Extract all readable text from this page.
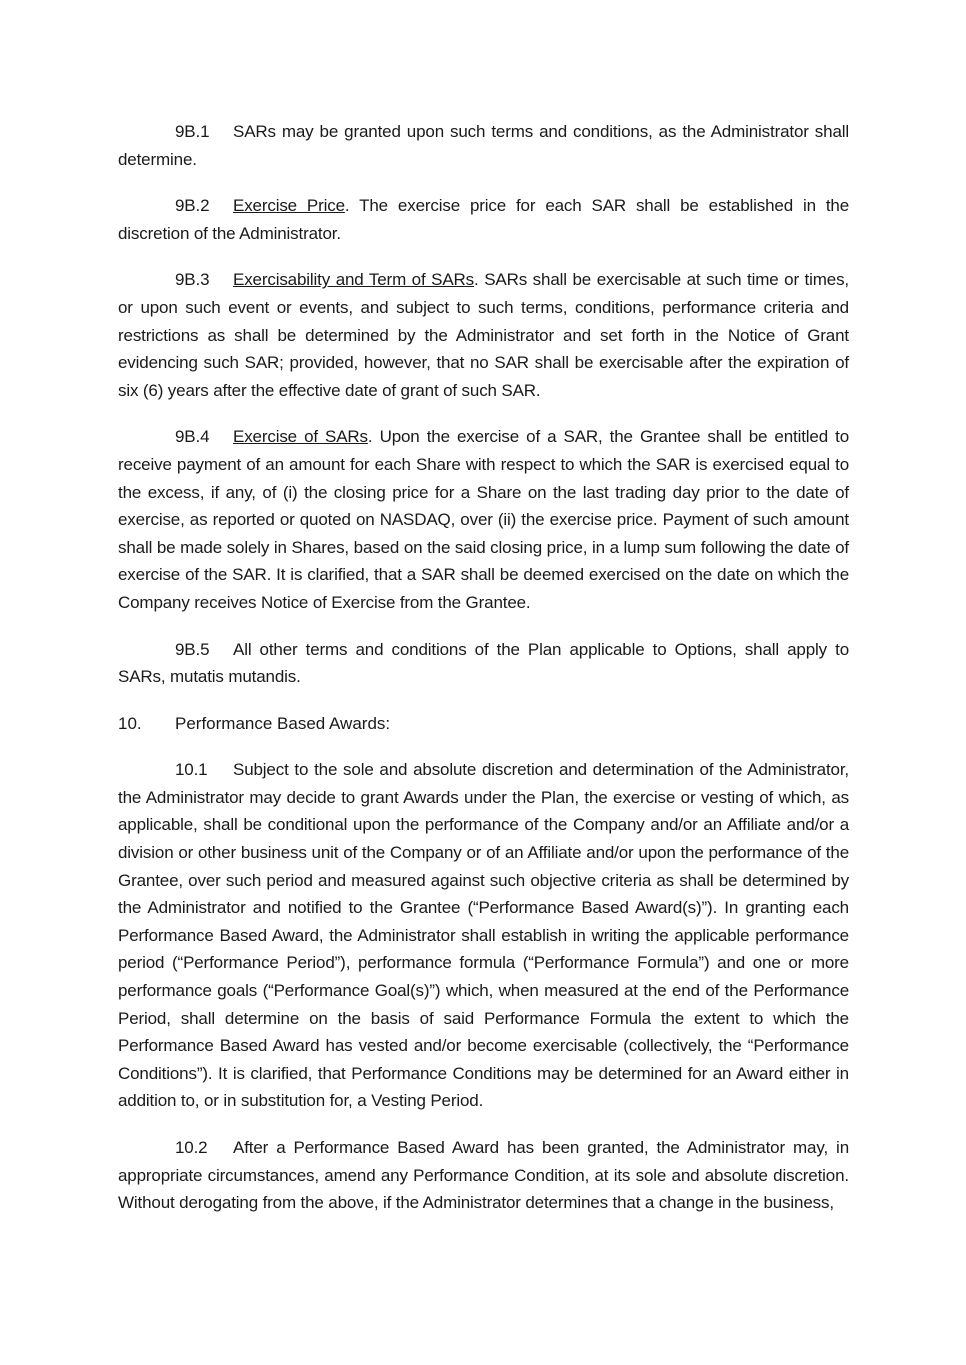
9B.1 SARs may be granted upon such terms and conditions, as the Administrator shall determine.

9B.2 Exercise Price. The exercise price for each SAR shall be established in the discretion of the Administrator.

9B.3 Exercisability and Term of SARs. SARs shall be exercisable at such time or times, or upon such event or events, and subject to such terms, conditions, performance criteria and restrictions as shall be determined by the Administrator and set forth in the Notice of Grant evidencing such SAR; provided, however, that no SAR shall be exercisable after the expiration of six (6) years after the effective date of grant of such SAR.

9B.4 Exercise of SARs. Upon the exercise of a SAR, the Grantee shall be entitled to receive payment of an amount for each Share with respect to which the SAR is exercised equal to the excess, if any, of (i) the closing price for a Share on the last trading day prior to the date of exercise, as reported or quoted on NASDAQ, over (ii) the exercise price. Payment of such amount shall be made solely in Shares, based on the said closing price, in a lump sum following the date of exercise of the SAR. It is clarified, that a SAR shall be deemed exercised on the date on which the Company receives Notice of Exercise from the Grantee.

9B.5 All other terms and conditions of the Plan applicable to Options, shall apply to SARs, mutatis mutandis.

10. Performance Based Awards:

10.1 Subject to the sole and absolute discretion and determination of the Administrator, the Administrator may decide to grant Awards under the Plan, the exercise or vesting of which, as applicable, shall be conditional upon the performance of the Company and/or an Affiliate and/or a division or other business unit of the Company or of an Affiliate and/or upon the performance of the Grantee, over such period and measured against such objective criteria as shall be determined by the Administrator and notified to the Grantee (“Performance Based Award(s)”). In granting each Performance Based Award, the Administrator shall establish in writing the applicable performance period (“Performance Period”), performance formula (“Performance Formula”) and one or more performance goals (“Performance Goal(s)”) which, when measured at the end of the Performance Period, shall determine on the basis of said Performance Formula the extent to which the Performance Based Award has vested and/or become exercisable (collectively, the “Performance Conditions”). It is clarified, that Performance Conditions may be determined for an Award either in addition to, or in substitution for, a Vesting Period.

10.2 After a Performance Based Award has been granted, the Administrator may, in appropriate circumstances, amend any Performance Condition, at its sole and absolute discretion. Without derogating from the above, if the Administrator determines that a change in the business,
